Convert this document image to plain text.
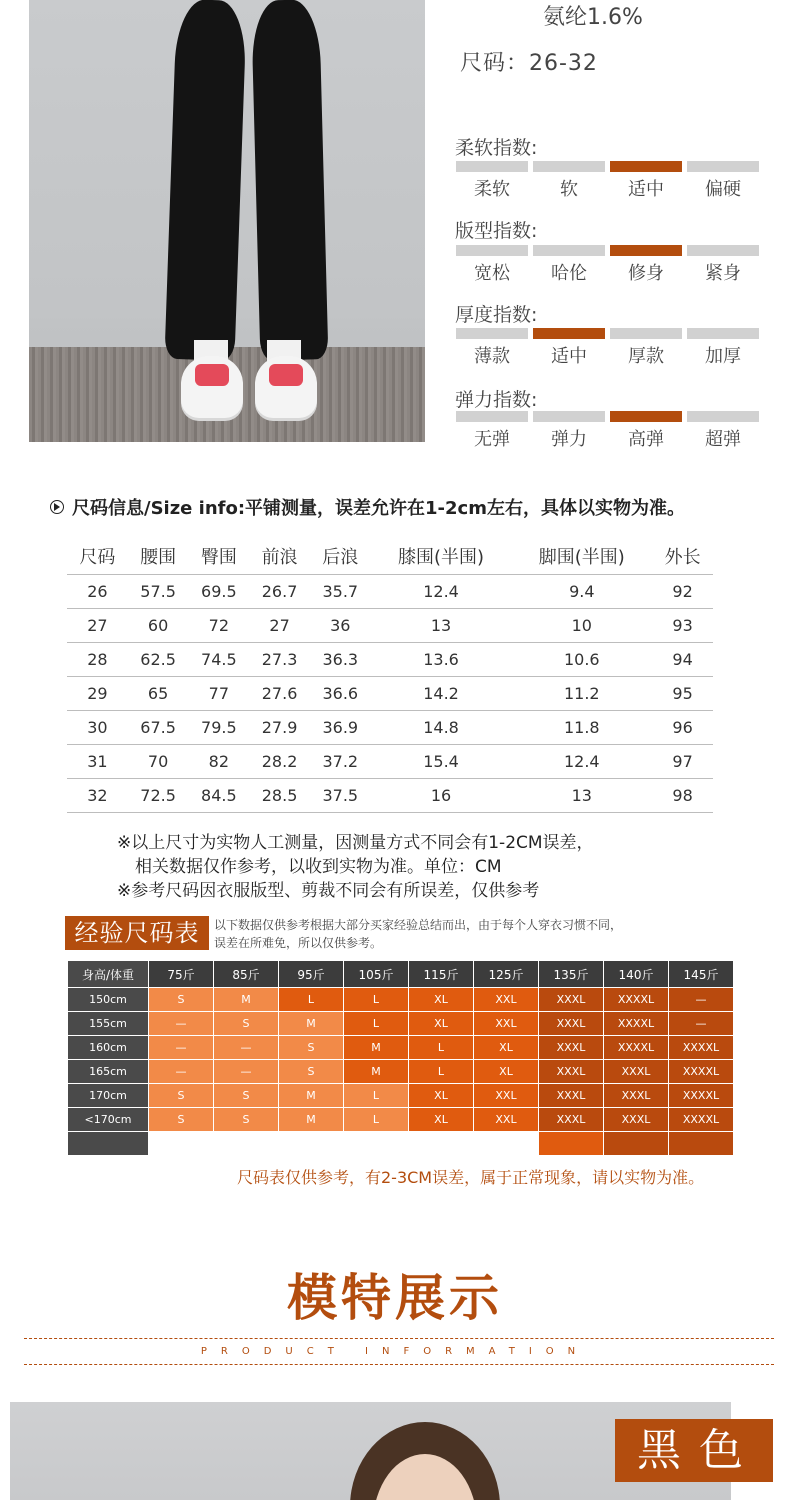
氨纶1.6%
尺码：26-32
柔软指数:
柔软	软	适中	偏硬
版型指数:
宽松	哈伦	修身	紧身
厚度指数:
薄款	适中	厚款	加厚
弹力指数:
无弹	弹力	高弹	超弹
尺码信息/Size info:平铺测量，误差允许在1-2cm左右，具体以实物为准。
尺码	腰围	臀围	前浪	后浪	膝围(半围)	脚围(半围)	外长
26	57.5	69.5	26.7	35.7	12.4	9.4	92
27	60	72	27	36	13	10	93
28	62.5	74.5	27.3	36.3	13.6	10.6	94
29	65	77	27.6	36.6	14.2	11.2	95
30	67.5	79.5	27.9	36.9	14.8	11.8	96
31	70	82	28.2	37.2	15.4	12.4	97
32	72.5	84.5	28.5	37.5	16	13	98
※以上尺寸为实物人工测量，因测量方式不同会有1-2CM误差，
相关数据仅作参考，以收到实物为准。单位：CM
※参考尺码因衣服版型、剪裁不同会有所误差，仅供参考
经验尺码表	以下数据仅供参考根据大部分买家经验总结而出，由于每个人穿衣习惯不同，
误差在所难免，所以仅供参考。
身高/体重	75斤	85斤	95斤	105斤	115斤	125斤	135斤	140斤	145斤
150cm	S	M	L	L	XL	XXL	XXXL	XXXXL	—
155cm	—	S	M	L	XL	XXL	XXXL	XXXXL	—
160cm	—	—	S	M	L	XL	XXXL	XXXXL	XXXXL
165cm	—	—	S	M	L	XL	XXXL	XXXL	XXXXL
170cm	S	S	M	L	XL	XXL	XXXL	XXXL	XXXXL
<170cm	S	S	M	L	XL	XXL	XXXL	XXXL	XXXXL

尺码表仅供参考，有2-3CM误差，属于正常现象，请以实物为准。
模特展示
PRODUCT INFORMATION
黑色
